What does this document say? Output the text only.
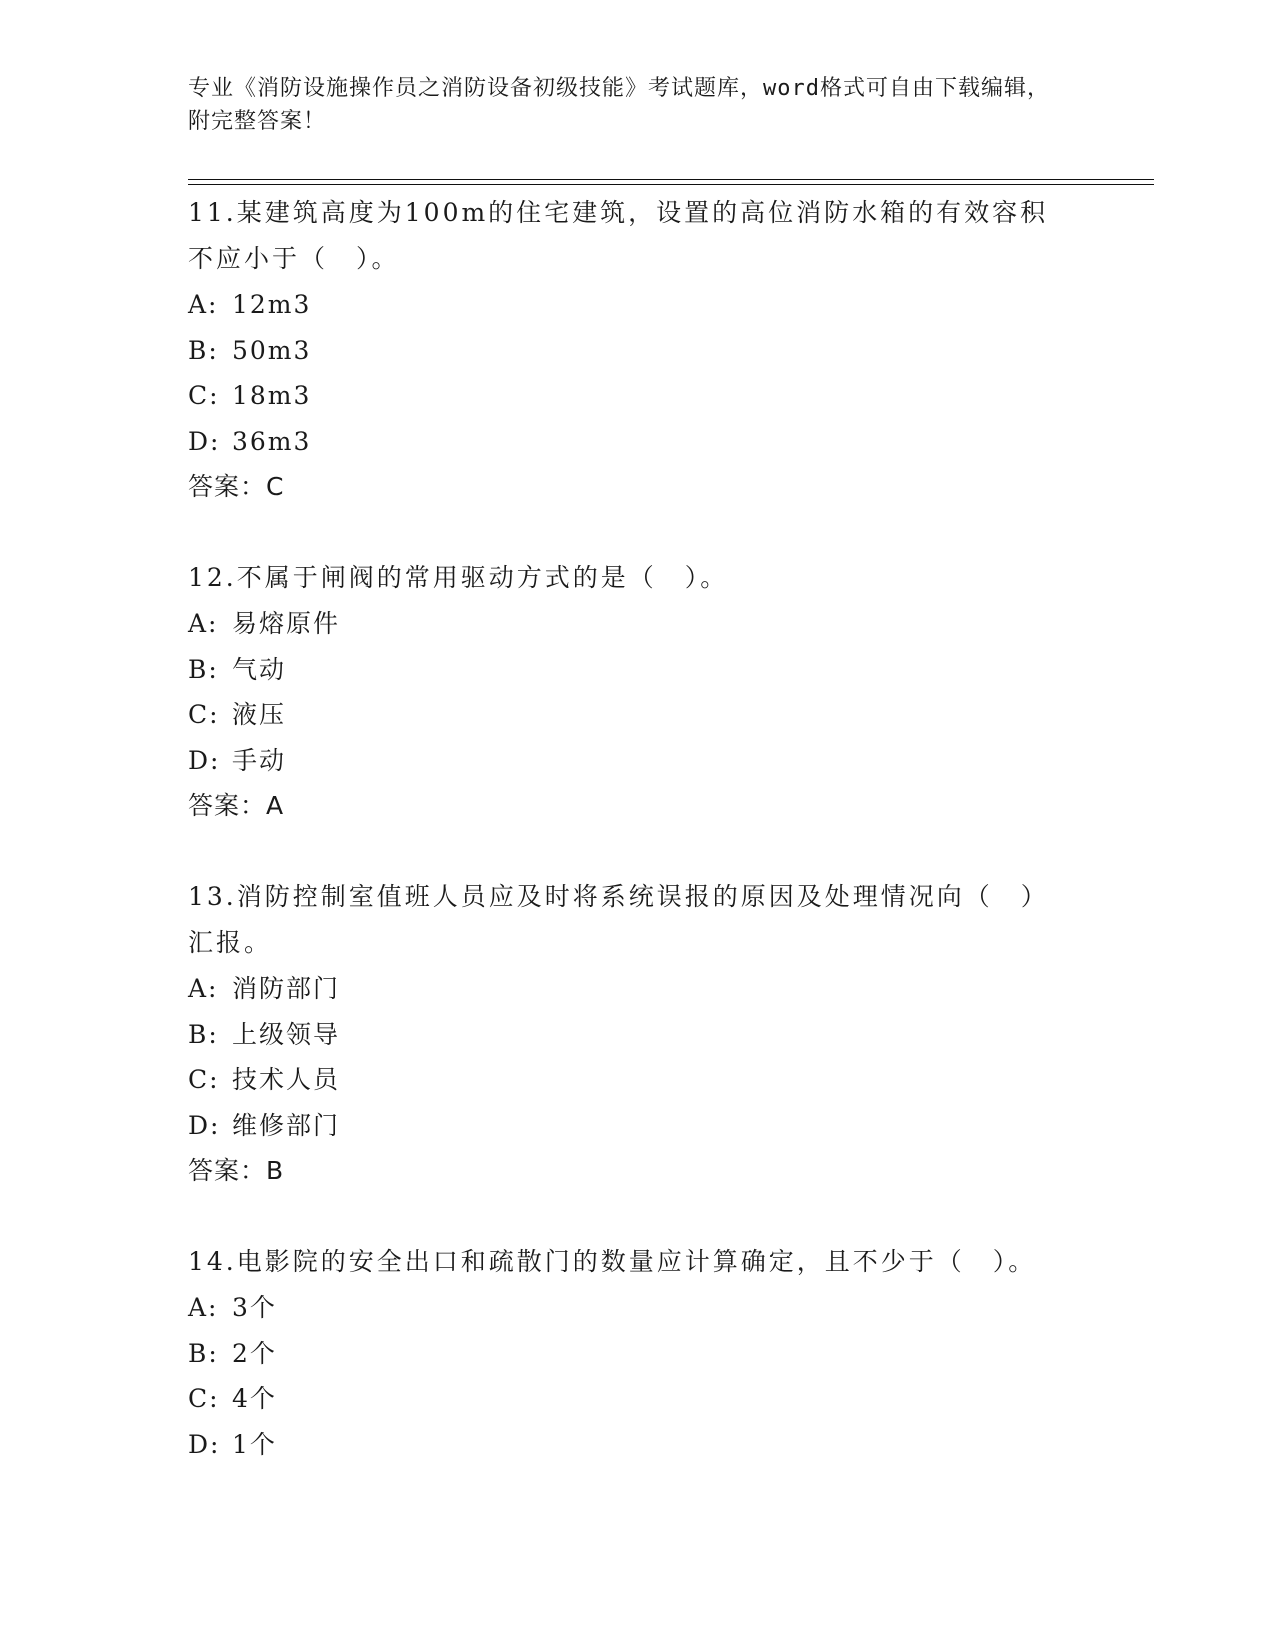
专业《消防设施操作员之消防设备初级技能》考试题库，word格式可自由下载编辑，附完整答案！

11.某建筑高度为100m的住宅建筑，设置的高位消防水箱的有效容积不应小于（　）。

A: 12m3

B: 50m3

C: 18m3

D: 36m3

答案：C

12.不属于闸阀的常用驱动方式的是（　）。

A: 易熔原件

B: 气动

C: 液压

D: 手动

答案：A

13.消防控制室值班人员应及时将系统误报的原因及处理情况向（　）汇报。

A: 消防部门

B: 上级领导

C: 技术人员

D: 维修部门

答案：B

14.电影院的安全出口和疏散门的数量应计算确定，且不少于（　）。

A: 3个

B: 2个

C: 4个

D: 1个
